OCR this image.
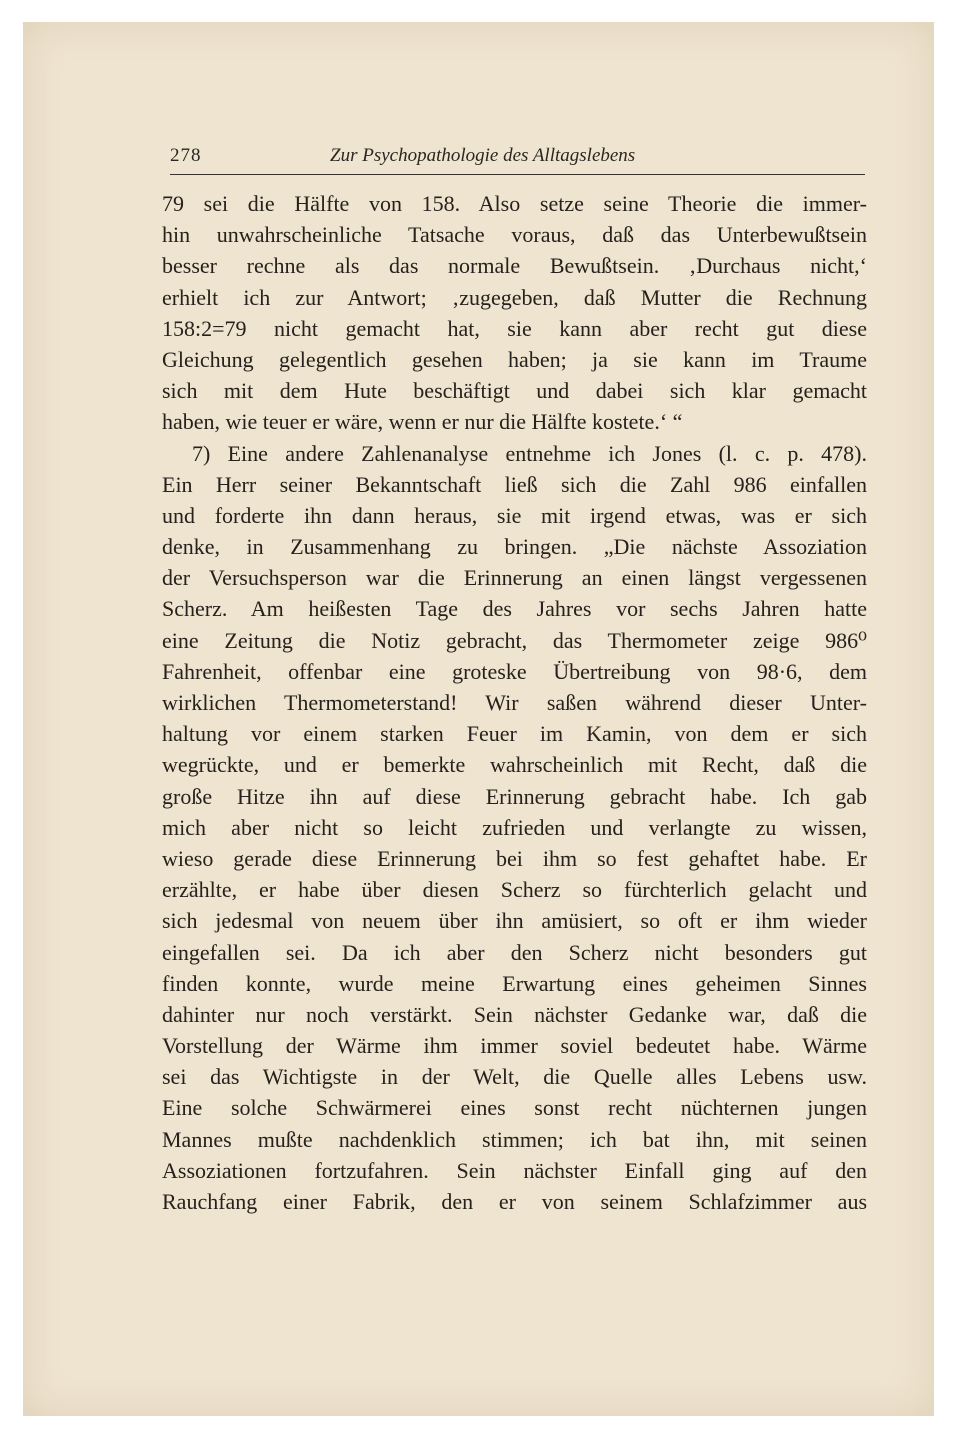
278	Zur Psychopathologie des Alltagslebens
79 sei die Hälfte von 158. Also setze seine Theorie die immer-
hin unwahrscheinliche Tatsache voraus, daß das Unterbewußtsein
besser rechne als das normale Bewußtsein. ‚Durchaus nicht,‘
erhielt ich zur Antwort; ‚zugegeben, daß Mutter die Rechnung
158:2=79 nicht gemacht hat, sie kann aber recht gut diese
Gleichung gelegentlich gesehen haben; ja sie kann im Traume
sich mit dem Hute beschäftigt und dabei sich klar gemacht
haben, wie teuer er wäre, wenn er nur die Hälfte kostete.‘ “
7) Eine andere Zahlenanalyse entnehme ich Jones (l. c. p. 478).
Ein Herr seiner Bekanntschaft ließ sich die Zahl 986 einfallen
und forderte ihn dann heraus, sie mit irgend etwas, was er sich
denke, in Zusammenhang zu bringen. „Die nächste Assoziation
der Versuchsperson war die Erinnerung an einen längst vergessenen
Scherz. Am heißesten Tage des Jahres vor sechs Jahren hatte
eine Zeitung die Notiz gebracht, das Thermometer zeige 986⁰
Fahrenheit, offenbar eine groteske Übertreibung von 98·6, dem
wirklichen Thermometerstand! Wir saßen während dieser Unter-
haltung vor einem starken Feuer im Kamin, von dem er sich
wegrückte, und er bemerkte wahrscheinlich mit Recht, daß die
große Hitze ihn auf diese Erinnerung gebracht habe. Ich gab
mich aber nicht so leicht zufrieden und verlangte zu wissen,
wieso gerade diese Erinnerung bei ihm so fest gehaftet habe. Er
erzählte, er habe über diesen Scherz so fürchterlich gelacht und
sich jedesmal von neuem über ihn amüsiert, so oft er ihm wieder
eingefallen sei. Da ich aber den Scherz nicht besonders gut
finden konnte, wurde meine Erwartung eines geheimen Sinnes
dahinter nur noch verstärkt. Sein nächster Gedanke war, daß die
Vorstellung der Wärme ihm immer soviel bedeutet habe. Wärme
sei das Wichtigste in der Welt, die Quelle alles Lebens usw.
Eine solche Schwärmerei eines sonst recht nüchternen jungen
Mannes mußte nachdenklich stimmen; ich bat ihn, mit seinen
Assoziationen fortzufahren. Sein nächster Einfall ging auf den
Rauchfang einer Fabrik, den er von seinem Schlafzimmer aus
